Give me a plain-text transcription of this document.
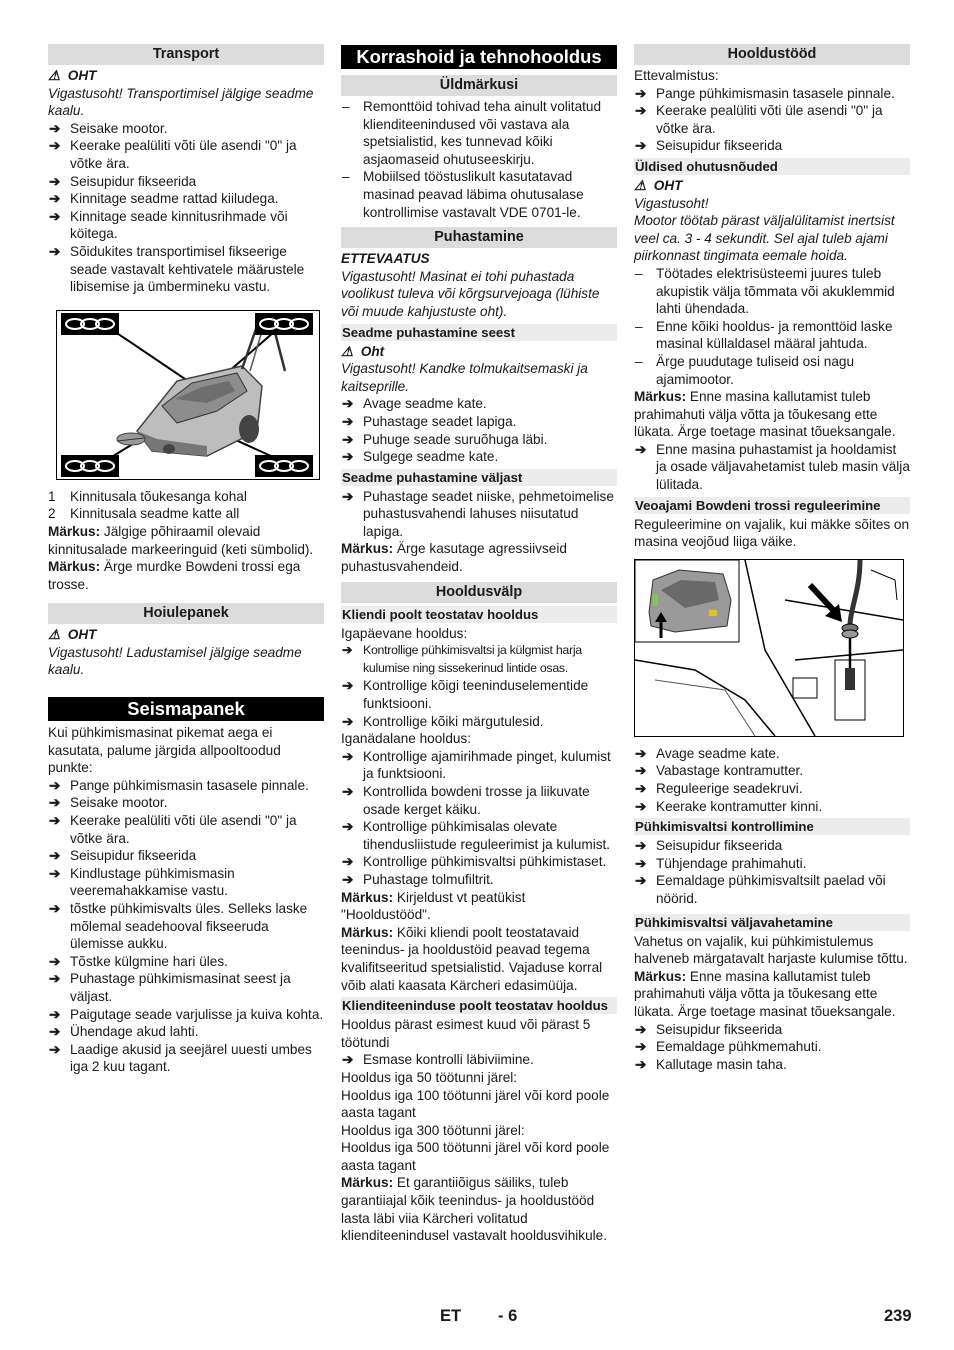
Transport

⚠ OHT

Vigastusoht! Transportimisel jälgige seadme kaalu.

➔ Seisake mootor.

➔ Keerake pealüliti võti üle asendi "0" ja võtke ära.

➔ Seisupidur fikseerida

➔ Kinnitage seadme rattad kiiludega.

➔ Kinnitage seade kinnitusrihmade või köitega.

➔ Sõidukites transportimisel fikseerige seade vastavalt kehtivatele määrustele libisemise ja ümbermineku vastu.

1 Kinnitusala tõukesanga kohal

2 Kinnitusala seadme katte all

Märkus: Jälgige põhiraamil olevaid kinnitusalade markeeringuid (keti sümbolid).

Märkus: Ärge murdke Bowdeni trossi ega trosse.

Hoiulepanek

⚠ OHT

Vigastusoht! Ladustamisel jälgige seadme kaalu.

Seismapanek

Kui pühkimismasinat pikemat aega ei kasutata, palume järgida allpooltoodud punkte:

➔ Pange pühkimismasin tasasele pinnale.

➔ Seisake mootor.

➔ Keerake pealüliti võti üle asendi "0" ja võtke ära.

➔ Seisupidur fikseerida

➔ Kindlustage pühkimismasin veeremahakkamise vastu.

➔ tõstke pühkimisvalts üles. Selleks laske mõlemal seadehooval fikseeruda ülemisse aukku.

➔ Tõstke külgmine hari üles.

➔ Puhastage pühkimismasinat seest ja väljast.

➔ Paigutage seade varjulisse ja kuiva kohta.

➔ Ühendage akud lahti.

➔ Laadige akusid ja seejärel uuesti umbes iga 2 kuu tagant.

Korrashoid ja tehnohooldus
Üldmärkusi

– Remonttöid tohivad teha ainult volitatud klienditeenindused või vastava ala spetsialistid, kes tunnevad kõiki asjaomaseid ohutuseeskirju.

– Mobiilsed tööstuslikult kasutatavad masinad peavad läbima ohutusalase kontrollimise vastavalt VDE 0701-le.

Puhastamine

ETTEVAATUS

Vigastusoht! Masinat ei tohi puhastada voolikust tuleva või kõrgsurvejoaga (lühiste või muude kahjustuste oht).

Seadme puhastamine seest

⚠ Oht

Vigastusoht! Kandke tolmukaitsemaski ja kaitseprille.

➔ Avage seadme kate.

➔ Puhastage seadet lapiga.

➔ Puhuge seade suruõhuga läbi.

➔ Sulgege seadme kate.

Seadme puhastamine väljast

➔ Puhastage seadet niiske, pehmetoimelise puhastusvahendi lahuses niisutatud lapiga.

Märkus: Ärge kasutage agressiivseid puhastusvahendeid.

Hooldusvälp
Kliendi poolt teostatav hooldus

Igapäevane hooldus:

➔ Kontrollige pühkimisvaltsi ja külgmist harja kulumise ning sissekerinud lintide osas.

➔ Kontrollige kõigi teeninduselementide funktsiooni.

➔ Kontrollige kõiki märgutulesid.

Iganädalane hooldus:

➔ Kontrollige ajamirihmade pinget, kulumist ja funktsiooni.

➔ Kontrollida bowdeni trosse ja liikuvate osade kerget käiku.

➔ Kontrollige pühkimisalas olevate tihendusliistude reguleerimist ja kulumist.

➔ Kontrollige pühkimisvaltsi pühkimistaset.

➔ Puhastage tolmufiltrit.

Märkus: Kirjeldust vt peatükist "Hooldustööd".

Märkus: Kõiki kliendi poolt teostatavaid teenindus- ja hooldustöid peavad tegema kvalifitseeritud spetsialistid. Vajaduse korral võib alati kaasata Kärcheri edasimüüja.

Klienditeeninduse poolt teostatav hooldus

Hooldus pärast esimest kuud või pärast 5 töötundi

➔ Esmase kontrolli läbiviimine.

Hooldus iga 50 töötunni järel:

Hooldus iga 100 töötunni järel või kord poole aasta tagant

Hooldus iga 300 töötunni järel:

Hooldus iga 500 töötunni järel või kord poole aasta tagant

Märkus: Et garantiiõigus säiliks, tuleb garantiiajal kõik teenindus- ja hooldustööd lasta läbi viia Kärcheri volitatud klienditeenindusel vastavalt hooldusvihikule.

Hooldustööd

Ettevalmistus:

➔ Pange pühkimismasin tasasele pinnale.

➔ Keerake pealüliti võti üle asendi "0" ja võtke ära.

➔ Seisupidur fikseerida

Üldised ohutusnõuded

⚠ OHT

Vigastusoht!

Mootor töötab pärast väljalülitamist inertsist veel ca. 3 - 4 sekundit. Sel ajal tuleb ajami piirkonnast tingimata eemale hoida.

– Töötades elektrisüsteemi juures tuleb akupistik välja tõmmata või akuklemmid lahti ühendada.

– Enne kõiki hooldus- ja remonttöid laske masinal küllaldasel määral jahtuda.

– Ärge puudutage tuliseid osi nagu ajamimootor.

Märkus: Enne masina kallutamist tuleb prahimahuti välja võtta ja tõukesang ette lükata. Ärge toetage masinat tõueksangale.

➔ Enne masina puhastamist ja hooldamist ja osade väljavahetamist tuleb masin välja lülitada.

Veoajami Bowdeni trossi reguleerimine

Reguleerimine on vajalik, kui mäkke sõites on masina veojõud liiga väike.

➔ Avage seadme kate.

➔ Vabastage kontramutter.

➔ Reguleerige seadekruvi.

➔ Keerake kontramutter kinni.

Pühkimisvaltsi kontrollimine

➔ Seisupidur fikseerida

➔ Tühjendage prahimahuti.

➔ Eemaldage pühkimisvaltsilt paelad või nöörid.

Pühkimisvaltsi väljavahetamine

Vahetus on vajalik, kui pühkimistulemus halveneb märgatavalt harjaste kulumise tõttu.

Märkus: Enne masina kallutamist tuleb prahimahuti välja võtta ja tõukesang ette lükata. Ärge toetage masinat tõueksangale.

➔ Seisupidur fikseerida

➔ Eemaldage pühkmemahuti.

➔ Kallutage masin taha.

ET - 6	239
